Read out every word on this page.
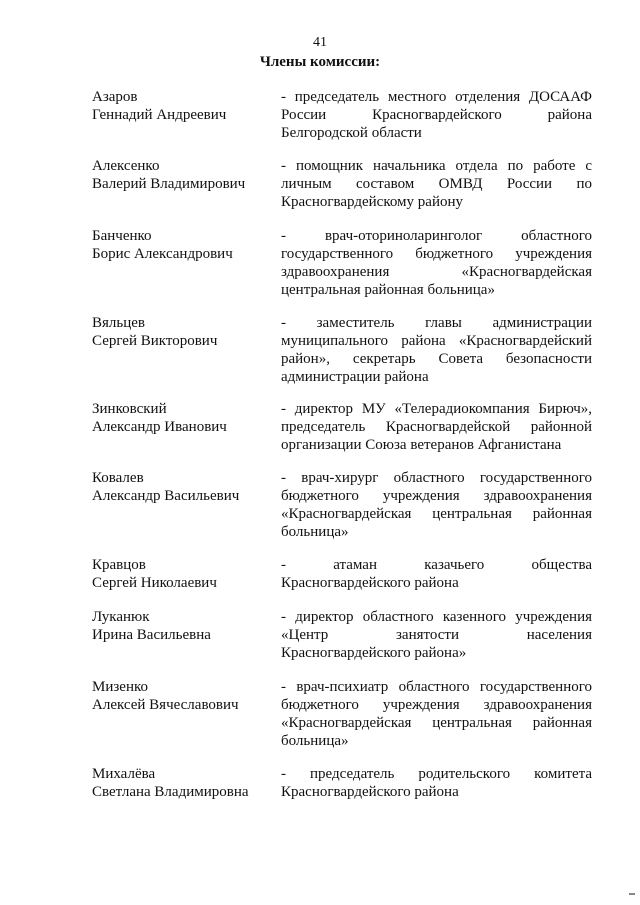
41
Члены комиссии:
Азаров
Геннадий Андреевич
- председатель местного отделения ДОСААФ России Красногвардейского района Белгородской области
Алексенко
Валерий Владимирович
- помощник начальника отдела по работе с личным составом ОМВД России по Красногвардейскому району
Банченко
Борис Александрович
- врач-оториноларинголог областного государственного бюджетного учреждения здравоохранения «Красногвардейская центральная районная больница»
Вяльцев
Сергей Викторович
- заместитель главы администрации муниципального района «Красногвардейский район», секретарь Совета безопасности администрации района
Зинковский
Александр Иванович
- директор МУ «Телерадиокомпания Бирюч», председатель Красногвардейской районной организации Союза ветеранов Афганистана
Ковалев
Александр Васильевич
- врач-хирург областного государственного бюджетного учреждения здравоохранения «Красногвардейская центральная районная больница»
Кравцов
Сергей Николаевич
- атаман казачьего общества Красногвардейского района
Луканюк
Ирина Васильевна
- директор областного казенного учреждения «Центр занятости населения Красногвардейского района»
Мизенко
Алексей Вячеславович
- врач-психиатр областного государственного бюджетного учреждения здравоохранения «Красногвардейская центральная районная больница»
Михалёва
Светлана Владимировна
- председатель родительского комитета Красногвардейского района
